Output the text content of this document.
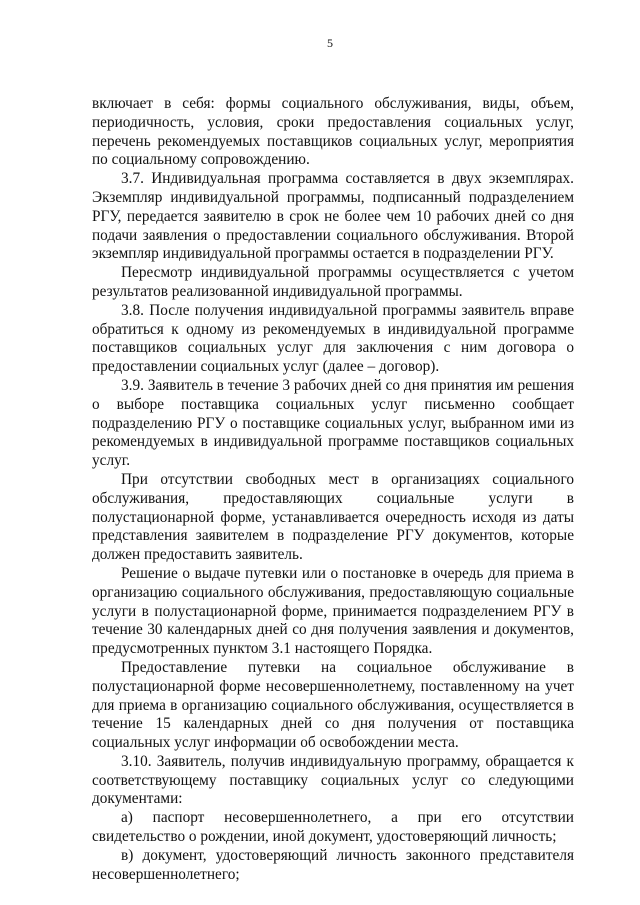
5

включает в себя: формы социального обслуживания, виды, объем, периодичность, условия, сроки предоставления социальных услуг, перечень рекомендуемых поставщиков социальных услуг, мероприятия по социальному сопровождению.

3.7. Индивидуальная программа составляется в двух экземплярах. Экземпляр индивидуальной программы, подписанный подразделением РГУ, передается заявителю в срок не более чем 10 рабочих дней со дня подачи заявления о предоставлении социального обслуживания. Второй экземпляр индивидуальной программы остается в подразделении РГУ.

Пересмотр индивидуальной программы осуществляется с учетом результатов реализованной индивидуальной программы.

3.8. После получения индивидуальной программы заявитель вправе обратиться к одному из рекомендуемых в индивидуальной программе поставщиков социальных услуг для заключения с ним договора о предоставлении социальных услуг (далее – договор).

3.9. Заявитель в течение 3 рабочих дней со дня принятия им решения о выборе поставщика социальных услуг письменно сообщает подразделению РГУ о поставщике социальных услуг, выбранном ими из рекомендуемых в индивидуальной программе поставщиков социальных услуг.

При отсутствии свободных мест в организациях социального обслуживания, предоставляющих социальные услуги в полустационарной форме, устанавливается очередность исходя из даты представления заявителем в подразделение РГУ документов, которые должен предоставить заявитель.

Решение о выдаче путевки или о постановке в очередь для приема в организацию социального обслуживания, предоставляющую социальные услуги в полустационарной форме, принимается подразделением РГУ в течение 30 календарных дней со дня получения заявления и документов, предусмотренных пунктом 3.1 настоящего Порядка.

Предоставление путевки на социальное обслуживание в полустационарной форме несовершеннолетнему, поставленному на учет для приема в организацию социального обслуживания, осуществляется в течение 15 календарных дней со дня получения от поставщика социальных услуг информации об освобождении места.

3.10. Заявитель, получив индивидуальную программу, обращается к соответствующему поставщику социальных услуг со следующими документами:

а) паспорт несовершеннолетнего, а при его отсутствии свидетельство о рождении, иной документ, удостоверяющий личность;

в) документ, удостоверяющий личность законного представителя несовершеннолетнего;
